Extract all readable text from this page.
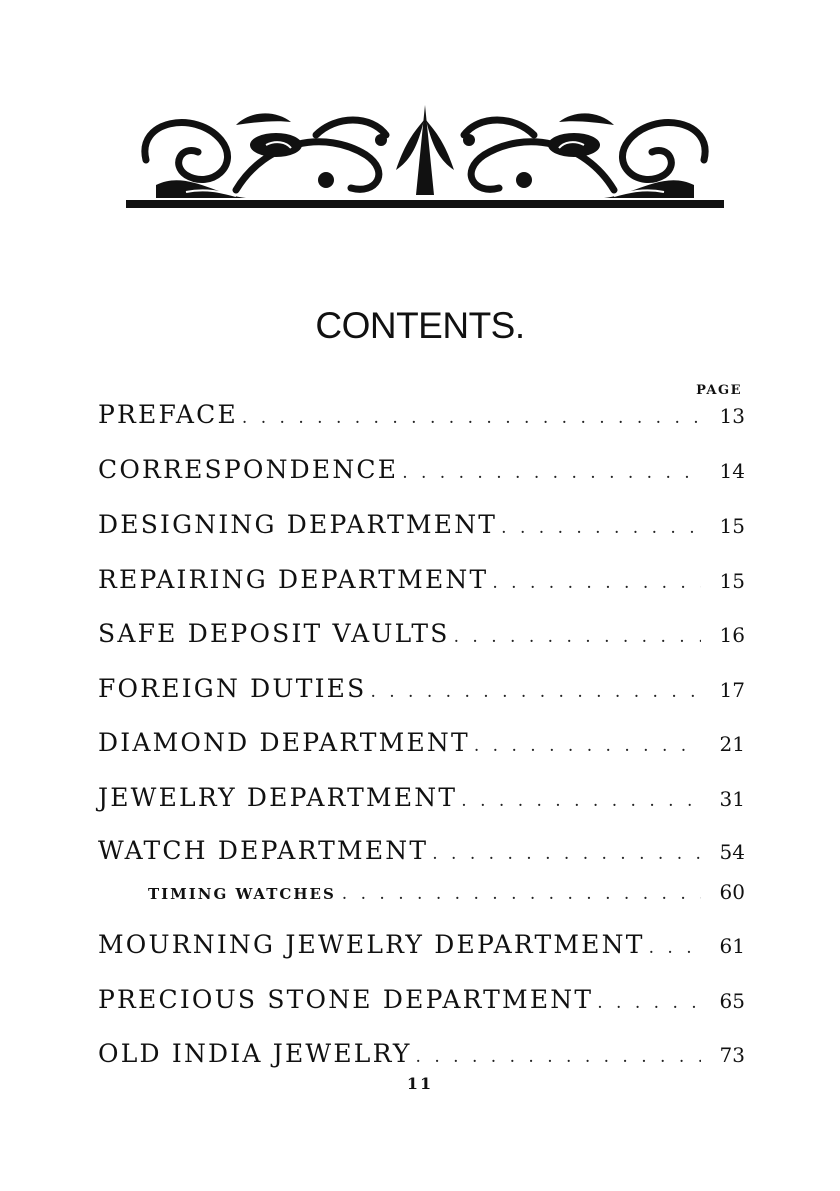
CONTENTS.
PAGE
PREFACE . . .	13
CORRESPONDENCE . . .	14
DESIGNING DEPARTMENT . . .	15
REPAIRING DEPARTMENT . . .	15
SAFE DEPOSIT VAULTS . . .	16
FOREIGN DUTIES . . .	17
DIAMOND DEPARTMENT . . .	21
JEWELRY DEPARTMENT . . .	31
WATCH DEPARTMENT . . .	54
TIMING WATCHES . . .	60
MOURNING JEWELRY DEPARTMENT . . .	61
PRECIOUS STONE DEPARTMENT . . .	65
OLD INDIA JEWELRY . . .	73
11
